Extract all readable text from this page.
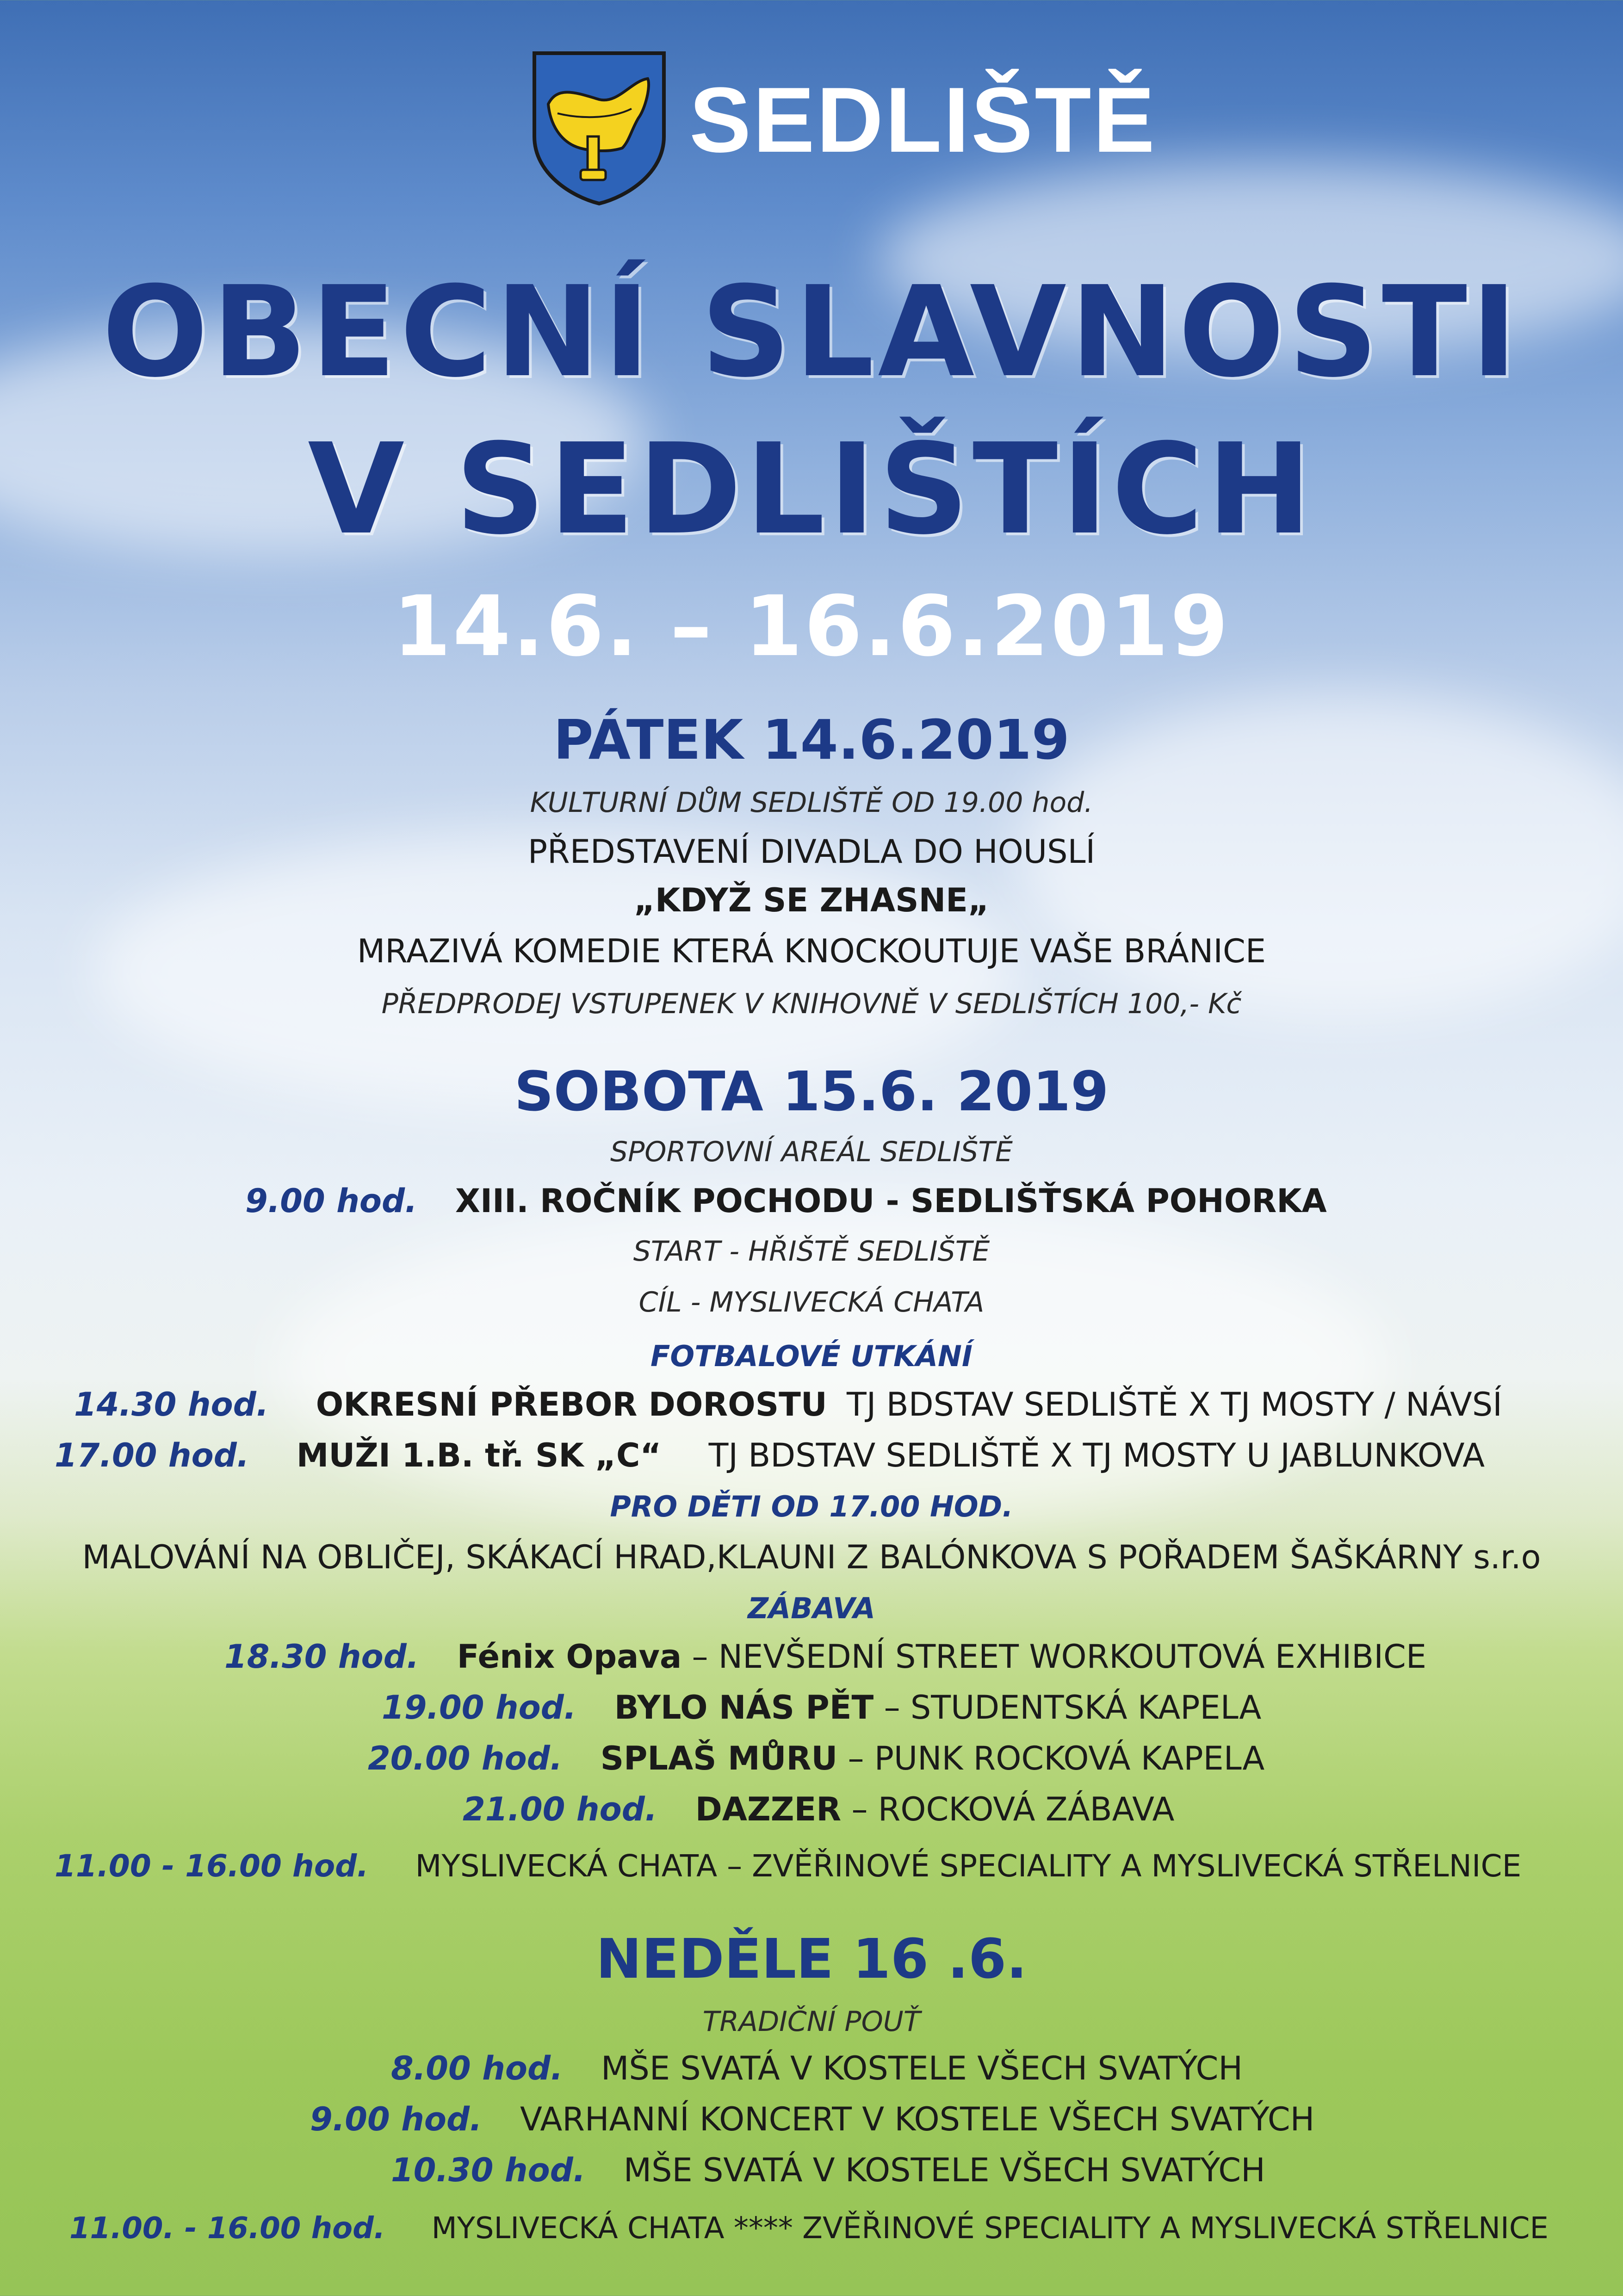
SEDLIŠTĚ
OBECNÍ SLAVNOSTI
V SEDLIŠTÍCH
14.6. – 16.6.2019
PÁTEK 14.6.2019
KULTURNÍ DŮM SEDLIŠTĚ OD 19.00 hod.
PŘEDSTAVENÍ DIVADLA DO HOUSLÍ
„KDYŽ SE ZHASNE„
MRAZIVÁ KOMEDIE KTERÁ KNOCKOUTUJE VAŠE BRÁNICE
PŘEDPRODEJ VSTUPENEK V KNIHOVNĚ V SEDLIŠTÍCH 100,- Kč
SOBOTA 15.6. 2019
SPORTOVNÍ AREÁL SEDLIŠTĚ
9.00 hod. XIII. ROČNÍK POCHODU - SEDLIŠŤSKÁ POHORKA
START - HŘIŠTĚ SEDLIŠTĚ
CÍL - MYSLIVECKÁ CHATA
FOTBALOVÉ UTKÁNÍ
14.30 hod. OKRESNÍ PŘEBOR DOROSTU TJ BDSTAV SEDLIŠTĚ X TJ MOSTY / NÁVSÍ
17.00 hod. MUŽI 1.B. tř. SK „C“ TJ BDSTAV SEDLIŠTĚ X TJ MOSTY U JABLUNKOVA
PRO DĚTI OD 17.00 HOD.
MALOVÁNÍ NA OBLIČEJ, SKÁKACÍ HRAD,KLAUNI Z BALÓNKOVA S POŘADEM ŠAŠKÁRNY s.r.o
ZÁBAVA
18.30 hod. Fénix Opava – NEVŠEDNÍ STREET WORKOUTOVÁ EXHIBICE
19.00 hod. BYLO NÁS PĚT – STUDENTSKÁ KAPELA
20.00 hod. SPLAŠ MŮRU – PUNK ROCKOVÁ KAPELA
21.00 hod. DAZZER – ROCKOVÁ ZÁBAVA
11.00 - 16.00 hod. MYSLIVECKÁ CHATA – ZVĚŘINOVÉ SPECIALITY A MYSLIVECKÁ STŘELNICE
NEDĚLE 16 .6.
TRADIČNÍ POUŤ
8.00 hod. MŠE SVATÁ V KOSTELE VŠECH SVATÝCH
9.00 hod. VARHANNÍ KONCERT V KOSTELE VŠECH SVATÝCH
10.30 hod. MŠE SVATÁ V KOSTELE VŠECH SVATÝCH
11.00. - 16.00 hod. MYSLIVECKÁ CHATA **** ZVĚŘINOVÉ SPECIALITY A MYSLIVECKÁ STŘELNICE
